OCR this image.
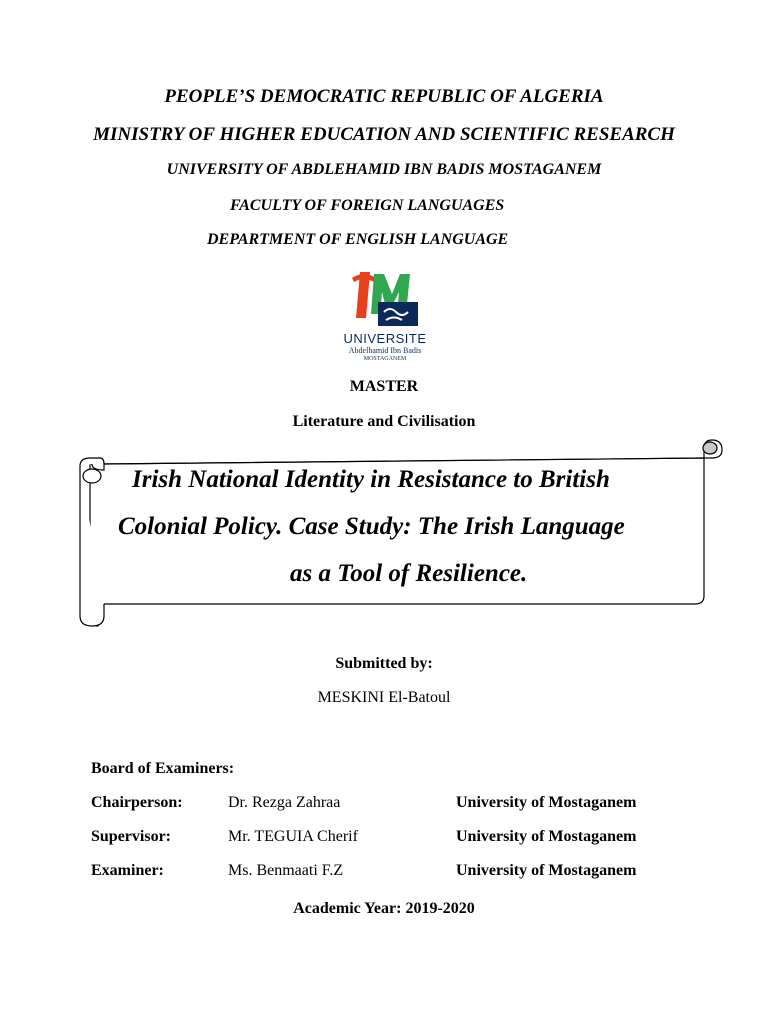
PEOPLE’S DEMOCRATIC REPUBLIC OF ALGERIA
MINISTRY OF HIGHER EDUCATION AND SCIENTIFIC RESEARCH
UNIVERSITY OF ABDLEHAMID IBN BADIS MOSTAGANEM
FACULTY OF FOREIGN LANGUAGES
DEPARTMENT OF ENGLISH LANGUAGE
UNIVERSITE
Abdelhamid Ibn Badis
MOSTAGANEM
MASTER
Literature and Civilisation
Irish National Identity in Resistance to British
Colonial Policy. Case Study: The Irish Language
as a Tool of Resilience.
Submitted by:
MESKINI El-Batoul
Board of Examiners:
Chairperson:	Dr. Rezga Zahraa	University of Mostaganem
Supervisor:	Mr. TEGUIA Cherif	University of Mostaganem
Examiner:	Ms. Benmaati F.Z	University of Mostaganem
Academic Year: 2019-2020
